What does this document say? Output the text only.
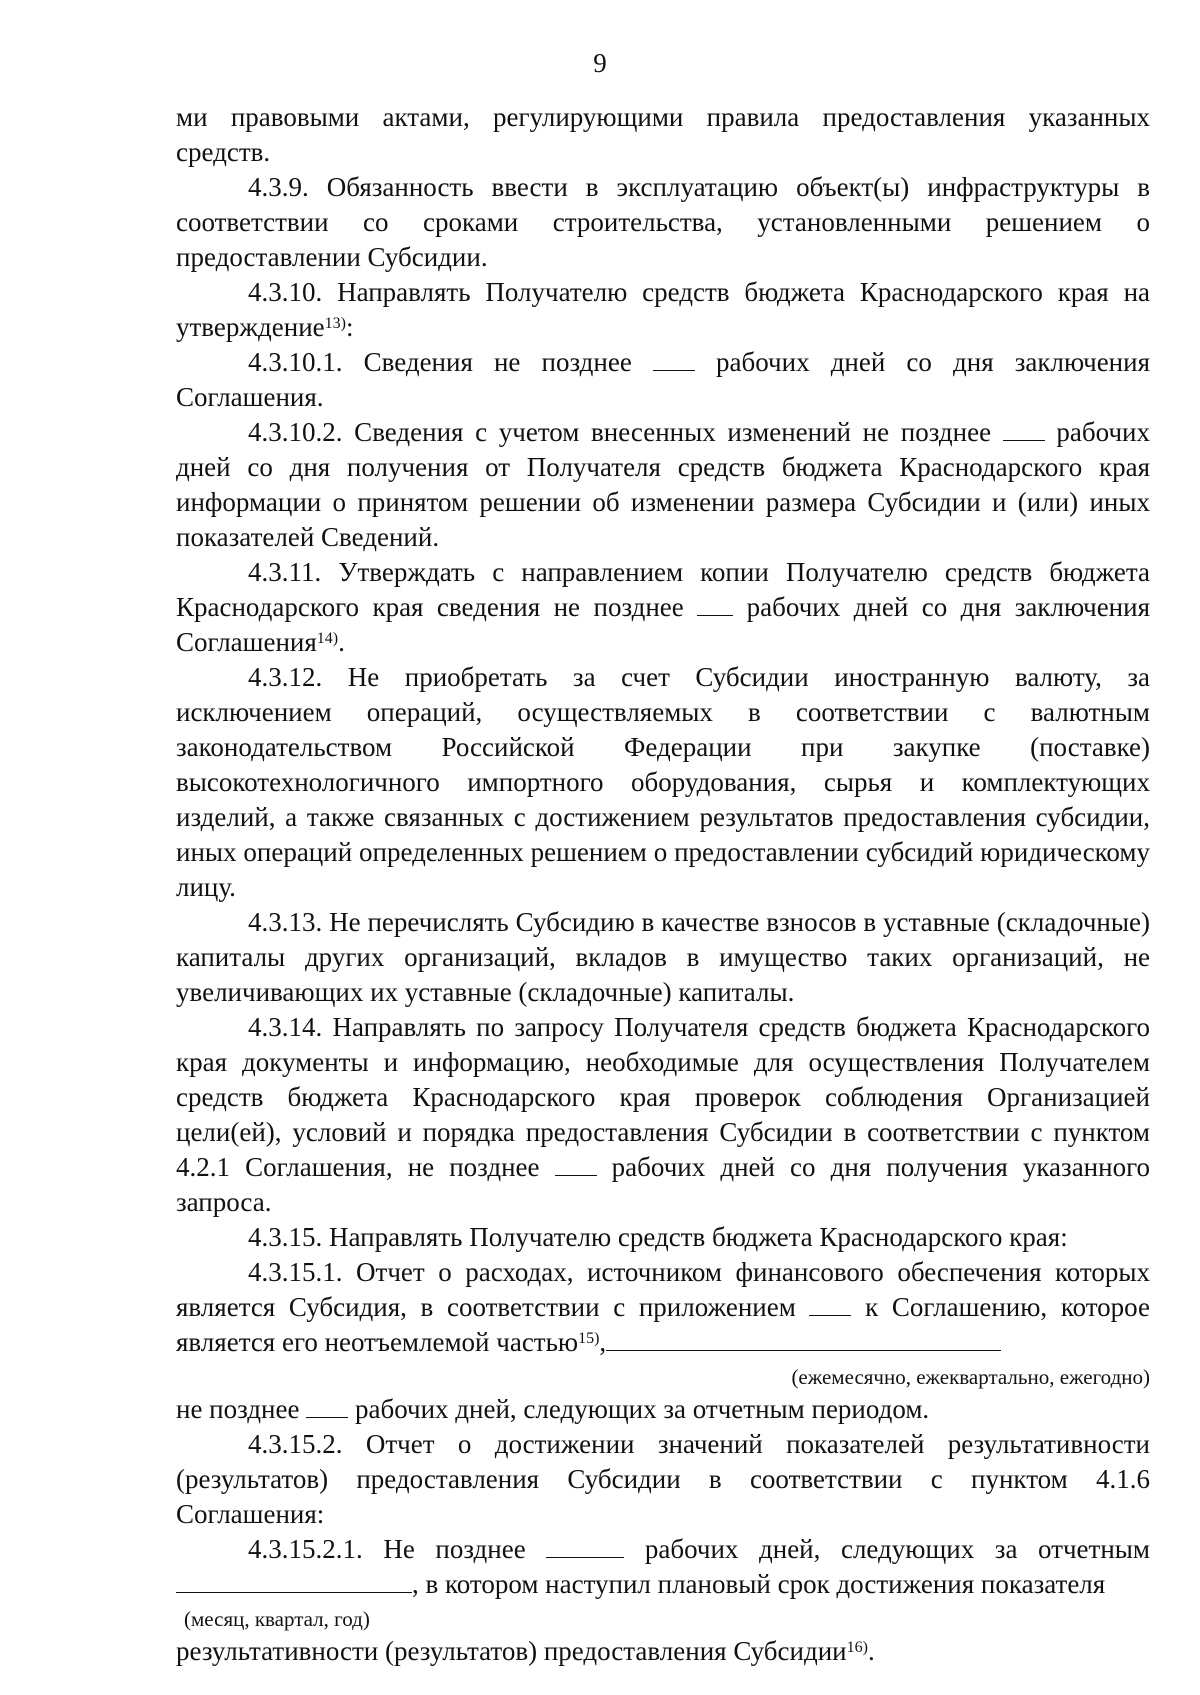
9

ми правовыми актами, регулирующими правила предоставления указанных средств.

4.3.9. Обязанность ввести в эксплуатацию объект(ы) инфраструктуры в соответствии со сроками строительства, установленными решением о предоставлении Субсидии.

4.3.10. Направлять Получателю средств бюджета Краснодарского края на утверждение$^{13)}$:

4.3.10.1. Сведения не позднее  рабочих дней со дня заключения Соглашения.

4.3.10.2. Сведения с учетом внесенных изменений не позднее  рабочих дней со дня получения от Получателя средств бюджета Краснодарского края информации о принятом решении об изменении размера Субсидии и (или) иных показателей Сведений.

4.3.11. Утверждать с направлением копии Получателю средств бюджета Краснодарского края сведения не позднее  рабочих дней со дня заключения Соглашения$^{14)}$.

4.3.12. Не приобретать за счет Субсидии иностранную валюту, за исключением операций, осуществляемых в соответствии с валютным законодательством Российской Федерации при закупке (поставке) высокотехнологичного импортного оборудования, сырья и комплектующих изделий, а также связанных с достижением результатов предоставления субсидии, иных операций определенных решением о предоставлении субсидий юридическому лицу.

4.3.13. Не перечислять Субсидию в качестве взносов в уставные (складочные) капиталы других организаций, вкладов в имущество таких организаций, не увеличивающих их уставные (складочные) капиталы.

4.3.14. Направлять по запросу Получателя средств бюджета Краснодарского края документы и информацию, необходимые для осуществления Получателем средств бюджета Краснодарского края проверок соблюдения Организацией цели(ей), условий и порядка предоставления Субсидии в соответствии с пунктом 4.2.1 Соглашения, не позднее  рабочих дней со дня получения указанного запроса.

4.3.15. Направлять Получателю средств бюджета Краснодарского края:

4.3.15.1. Отчет о расходах, источником финансового обеспечения которых является Субсидия, в соответствии с приложением  к Соглашению, которое является его неотъемлемой частью$^{15)}$,

(ежемесячно, ежеквартально, ежегодно)

не позднее  рабочих дней, следующих за отчетным периодом.

4.3.15.2. Отчет о достижении значений показателей результативности (результатов) предоставления Субсидии в соответствии с пунктом 4.1.6 Соглашения:

4.3.15.2.1. Не позднее	рабочих дней, следующих за отчетным , в котором наступил плановый срок достижения показателя

(месяц, квартал, год)

результативности (результатов) предоставления Субсидии$^{16)}$.
